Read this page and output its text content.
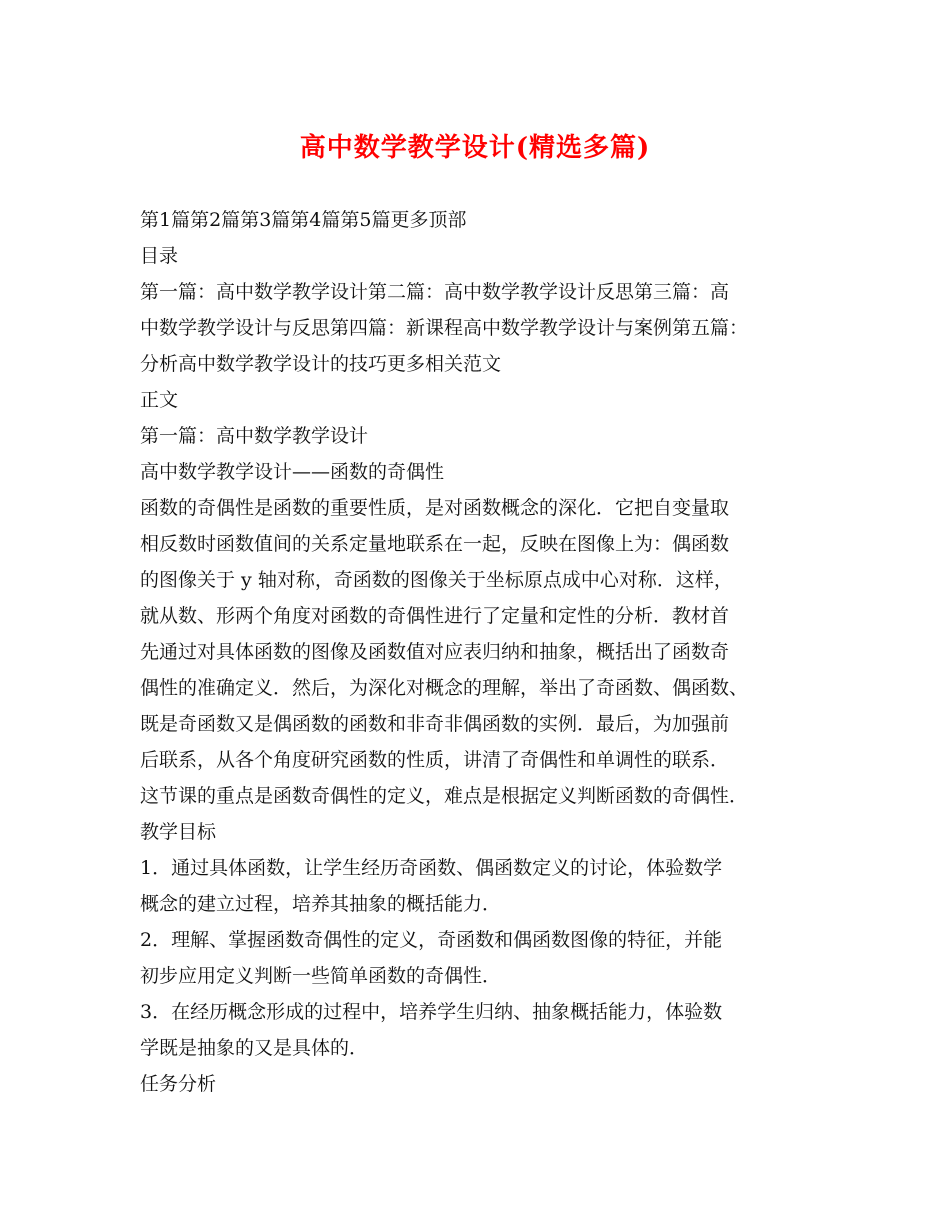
高中数学教学设计(精选多篇)
第1篇第2篇第3篇第4篇第5篇更多顶部
目录
第一篇：高中数学教学设计第二篇：高中数学教学设计反思第三篇：高
中数学教学设计与反思第四篇：新课程高中数学教学设计与案例第五篇：
分析高中数学教学设计的技巧更多相关范文
正文
第一篇：高中数学教学设计
高中数学教学设计——函数的奇偶性
函数的奇偶性是函数的重要性质，是对函数概念的深化．它把自变量取
相反数时函数值间的关系定量地联系在一起，反映在图像上为：偶函数
的图像关于 y 轴对称，奇函数的图像关于坐标原点成中心对称．这样，
就从数、形两个角度对函数的奇偶性进行了定量和定性的分析．教材首
先通过对具体函数的图像及函数值对应表归纳和抽象，概括出了函数奇
偶性的准确定义．然后，为深化对概念的理解，举出了奇函数、偶函数、
既是奇函数又是偶函数的函数和非奇非偶函数的实例．最后，为加强前
后联系，从各个角度研究函数的性质，讲清了奇偶性和单调性的联系．
这节课的重点是函数奇偶性的定义，难点是根据定义判断函数的奇偶性．
教学目标
1．通过具体函数，让学生经历奇函数、偶函数定义的讨论，体验数学
概念的建立过程，培养其抽象的概括能力．
2．理解、掌握函数奇偶性的定义，奇函数和偶函数图像的特征，并能
初步应用定义判断一些简单函数的奇偶性．
3．在经历概念形成的过程中，培养学生归纳、抽象概括能力，体验数
学既是抽象的又是具体的．
任务分析
